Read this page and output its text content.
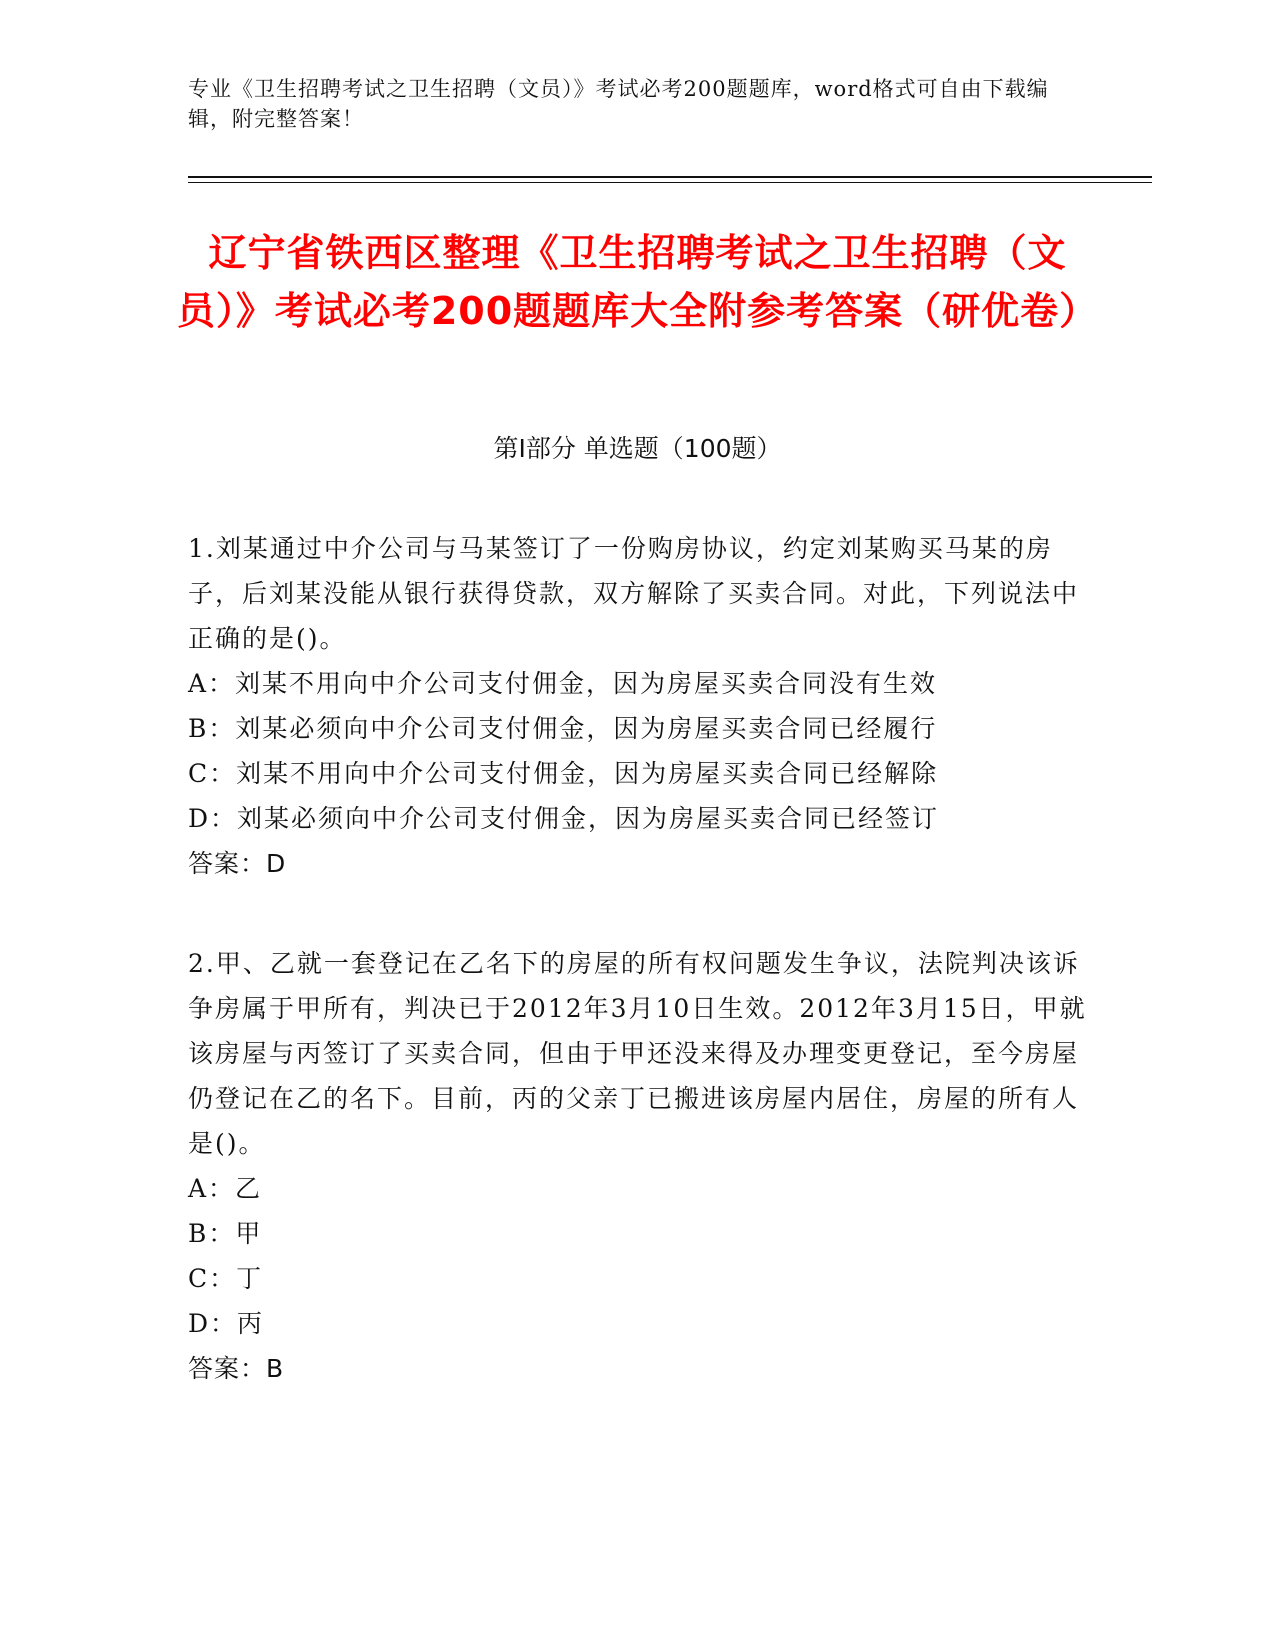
专业《卫生招聘考试之卫生招聘（文员）》考试必考200题题库，word格式可自由下载编辑，附完整答案！
辽宁省铁西区整理《卫生招聘考试之卫生招聘（文员）》考试必考200题题库大全附参考答案（研优卷）
第I部分 单选题（100题）

1.刘某通过中介公司与马某签订了一份购房协议，约定刘某购买马某的房子，后刘某没能从银行获得贷款，双方解除了买卖合同。对此，下列说法中正确的是()。

A：刘某不用向中介公司支付佣金，因为房屋买卖合同没有生效

B：刘某必须向中介公司支付佣金，因为房屋买卖合同已经履行

C：刘某不用向中介公司支付佣金，因为房屋买卖合同已经解除

D：刘某必须向中介公司支付佣金，因为房屋买卖合同已经签订

答案：D

2.甲、乙就一套登记在乙名下的房屋的所有权问题发生争议，法院判决该诉争房属于甲所有，判决已于2012年3月10日生效。2012年3月15日，甲就该房屋与丙签订了买卖合同，但由于甲还没来得及办理变更登记，至今房屋仍登记在乙的名下。目前，丙的父亲丁已搬进该房屋内居住，房屋的所有人是()。

A：乙

B：甲

C：丁

D：丙

答案：B
